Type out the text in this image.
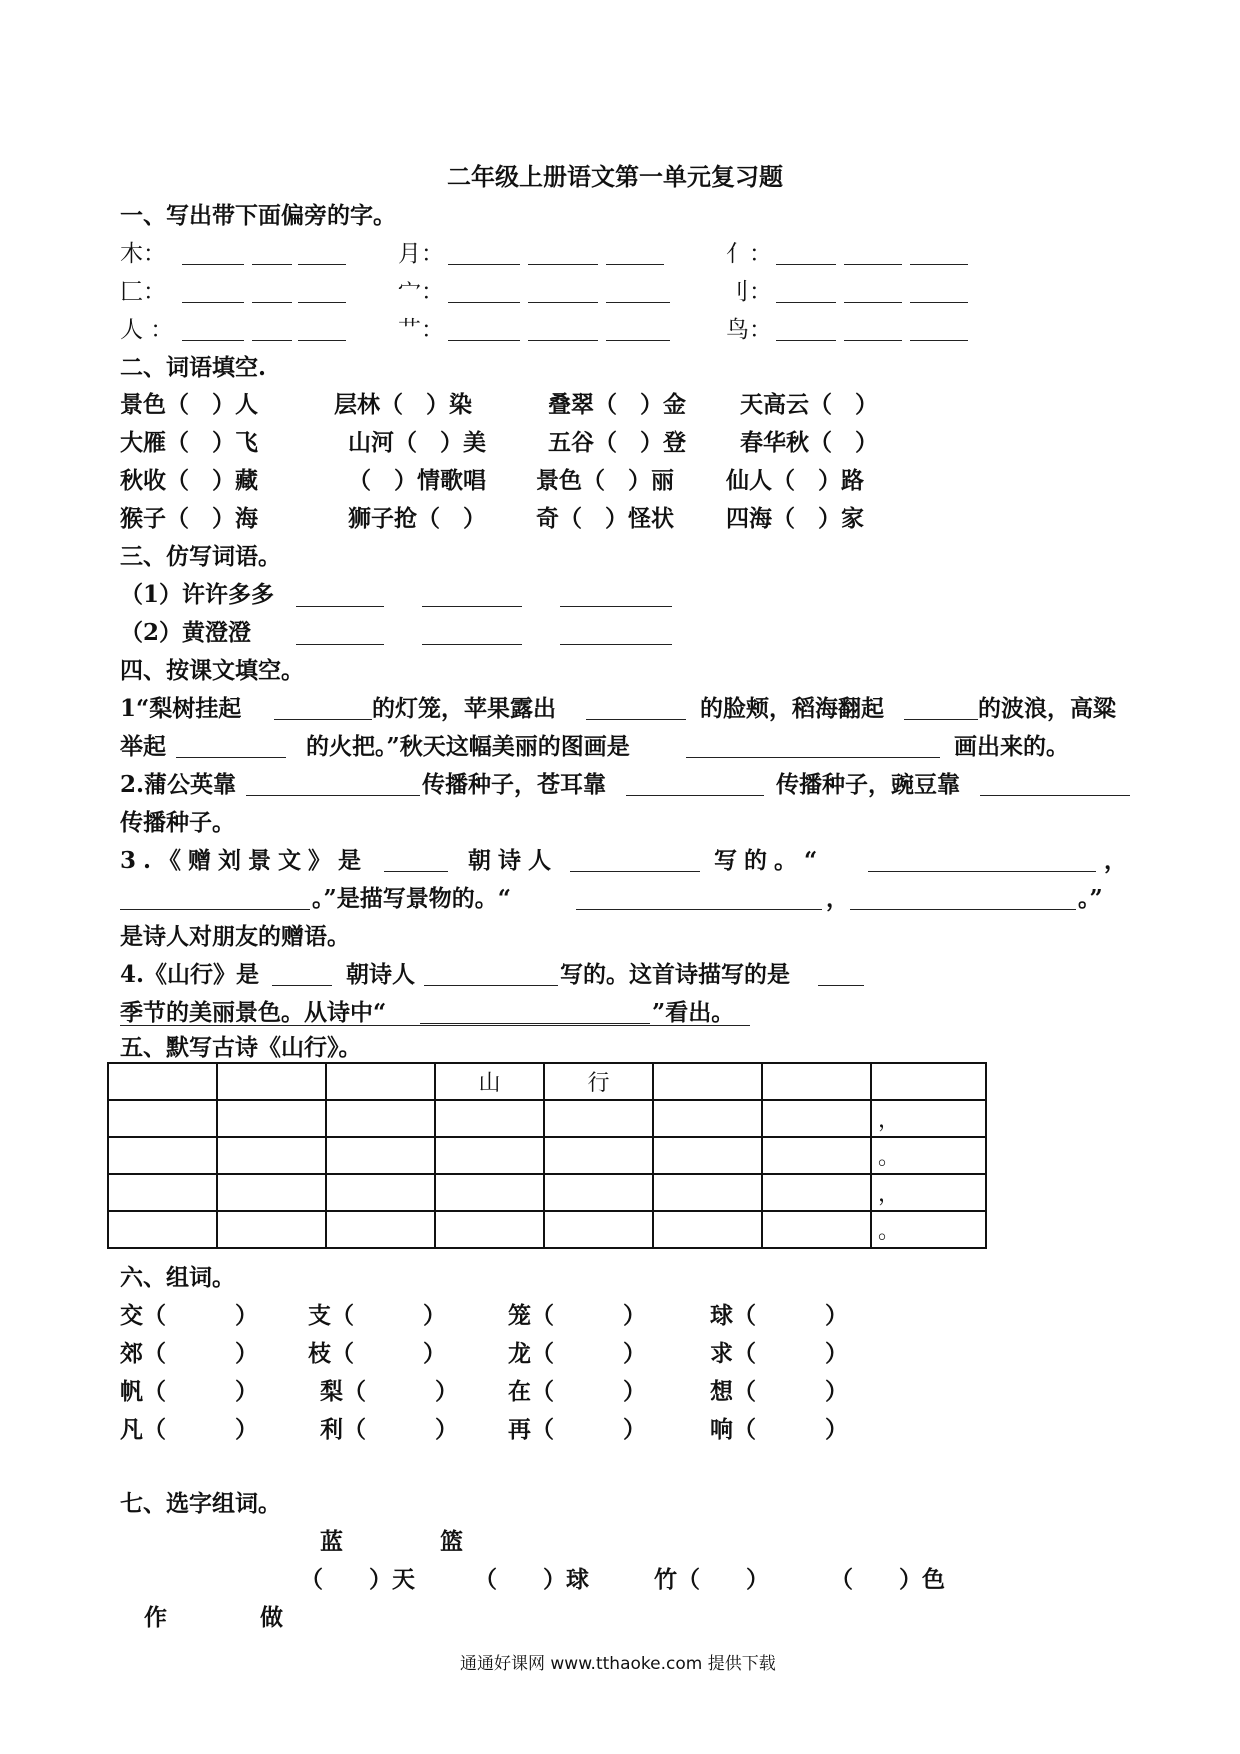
二年级上册语文第一单元复习题
一、写出带下面偏旁的字。
木：	月：	亻：
匚：	宀：	刂：
人 ：	艹：	鸟：
二、词语填空.
景色（　）人	层林（　）染	叠翠（　）金 天高云（　）
大雁（　）飞	山河（　）美	五谷（　）登 春华秋（　）
秋收（　）藏	（　）情歌唱 景色（　）丽 仙人（　）路
猴子（　）海	狮子抢（　） 奇（　）怪状 四海（　）家
三、仿写词语。
（1）许许多多
（2）黄澄澄
四、按课文填空。
1“梨树挂起	的灯笼，苹果露出	的脸颊，稻海翻起	的波浪，高粱
举起	的火把。”秋天这幅美丽的图画是	画出来的。
2.蒲公英靠	传播种子，苍耳靠	传播种子，豌豆靠
传播种子。
3.《赠刘景文》是	朝诗人	写的。“	，
。”是描写景物的。“	，	。”
是诗人对朋友的赠语。
4.《山行》是	朝诗人	写的。这首诗描写的是
季节的美丽景色。从诗中“	”看出。
五、默写古诗《山行》。
			山	行			
							，
							。
							，
							。
六、组词。
交（　　　） 支（　　　）	笼（　　　）	球（　　　）
郊（　　　） 枝（　　　）	龙（　　　）	求（　　　）
帆（　　　）	梨（　　　） 在（　　　）	想（　　　）
凡（　　　）	利（　　　） 再（　　　）	响（　　　）
七、选字组词。
蓝	篮
（　　）天	（　　）球	竹（　　）	（　　）色
作	做
通通好课网 www.tthaoke.com 提供下载
